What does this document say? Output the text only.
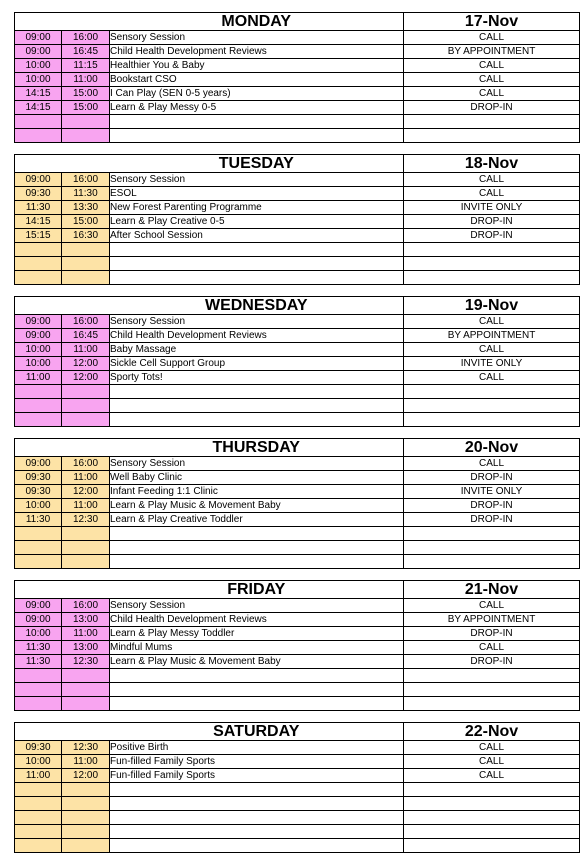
		MONDAY	17-Nov
09:00	16:00	Sensory Session	CALL
09:00	16:45	Child Health Development Reviews	BY APPOINTMENT
10:00	11:15	Healthier You & Baby	CALL
10:00	11:00	Bookstart CSO	CALL
14:15	15:00	I Can Play (SEN 0-5 years)	CALL
14:15	15:00	Learn & Play Messy 0-5	DROP-IN

		TUESDAY	18-Nov
09:00	16:00	Sensory Session	CALL
09:30	11:30	ESOL	CALL
11:30	13:30	New Forest Parenting Programme	INVITE ONLY
14:15	15:00	Learn & Play Creative 0-5	DROP-IN
15:15	16:30	After School Session	DROP-IN

		WEDNESDAY	19-Nov
09:00	16:00	Sensory Session	CALL
09:00	16:45	Child Health Development Reviews	BY APPOINTMENT
10:00	11:00	Baby Massage	CALL
10:00	12:00	Sickle Cell Support Group	INVITE ONLY
11:00	12:00	Sporty Tots!	CALL

		THURSDAY	20-Nov
09:00	16:00	Sensory Session	CALL
09:30	11:00	Well Baby Clinic	DROP-IN
09:30	12:00	Infant Feeding 1:1 Clinic	INVITE ONLY
10:00	11:00	Learn & Play Music & Movement Baby	DROP-IN
11:30	12:30	Learn & Play Creative Toddler	DROP-IN

		FRIDAY	21-Nov
09:00	16:00	Sensory Session	CALL
09:00	13:00	Child Health Development Reviews	BY APPOINTMENT
10:00	11:00	Learn & Play Messy Toddler	DROP-IN
11:30	13:00	Mindful Mums	CALL
11:30	12:30	Learn & Play Music & Movement Baby	DROP-IN

		SATURDAY	22-Nov
09:30	12:30	Positive Birth	CALL
10:00	11:00	Fun-filled Family Sports	CALL
11:00	12:00	Fun-filled Family Sports	CALL
